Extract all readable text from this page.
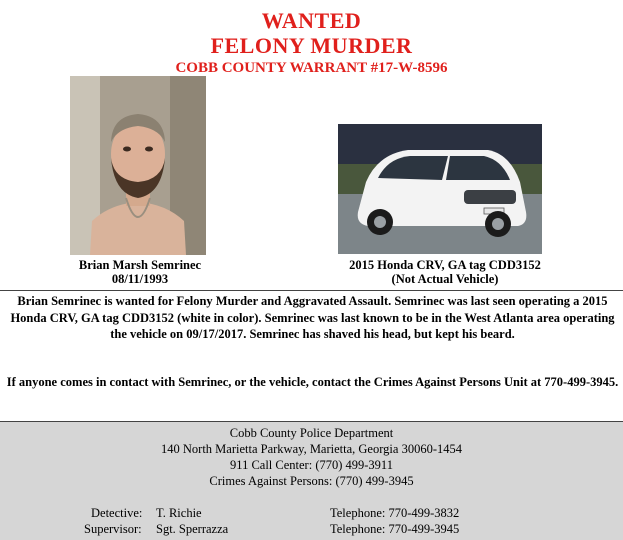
WANTED
FELONY MURDER
COBB COUNTY WARRANT #17-W-8596
Brian Marsh Semrinec
08/11/1993
2015 Honda CRV, GA tag CDD3152
(Not Actual Vehicle)
Brian Semrinec is wanted for Felony Murder and Aggravated Assault. Semrinec was last seen operating a 2015 Honda CRV, GA tag CDD3152 (white in color). Semrinec was last known to be in the West Atlanta area operating the vehicle on 09/17/2017. Semrinec has shaved his head, but kept his beard.
If anyone comes in contact with Semrinec, or the vehicle, contact the Crimes Against Persons Unit at 770-499-3945.
Cobb County Police Department
140 North Marietta Parkway, Marietta, Georgia 30060-1454
911 Call Center: (770) 499-3911
Crimes Against Persons: (770) 499-3945
Detective: T. Richie	Telephone: 770-499-3832
Supervisor: Sgt. Sperrazza	Telephone: 770-499-3945
